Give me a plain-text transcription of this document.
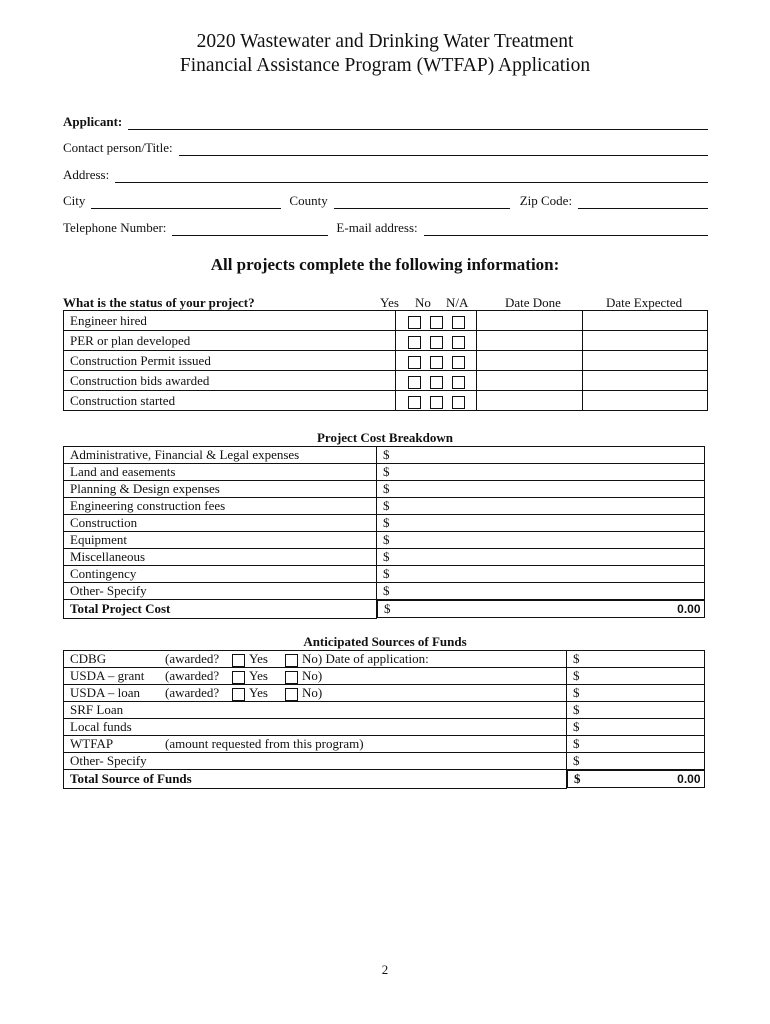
2020 Wastewater and Drinking Water Treatment
Financial Assistance Program (WTFAP) Application
Applicant:
Contact person/Title:
Address:
City	County	Zip Code:
Telephone Number:	E-mail address:
All projects complete the following information:
What is the status of your project?	Yes No N/A	Date Done	Date Expected
Engineer hired			
PER or plan developed			
Construction Permit issued			
Construction bids awarded			
Construction started			
Project Cost Breakdown
Administrative, Financial & Legal expenses	$
Land and easements	$
Planning & Design expenses	$
Engineering construction fees	$
Construction	$
Equipment	$
Miscellaneous	$
Contingency	$
Other- Specify	$
Total Project Cost		$	0.00
Anticipated Sources of Funds
CDBG (awarded? Yes No) Date of application:	$
USDA – grant (awarded? Yes No)	$
USDA – loan (awarded? Yes No)	$
SRF Loan	$
Local funds	$
WTFAP (amount requested from this program)	$
Other- Specify	$
Total Source of Funds		$	0.00
2
